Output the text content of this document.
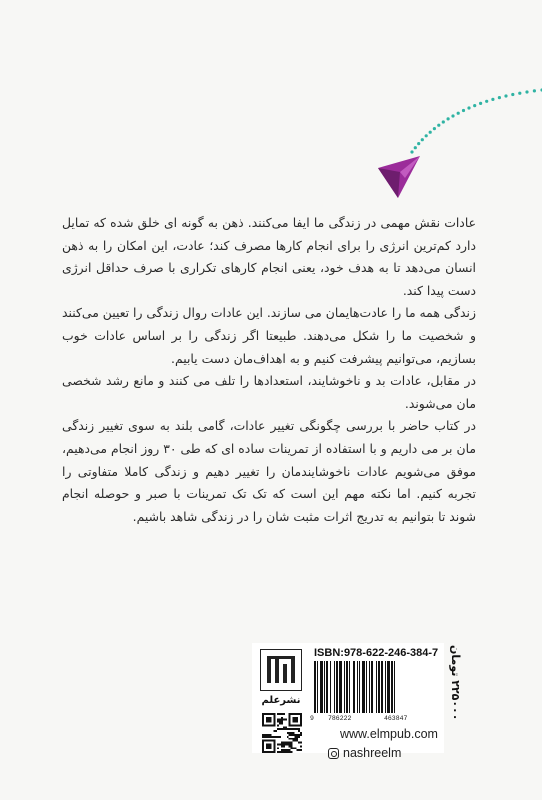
عادات نقش مهمی در زندگی ما ایفا می‌کنند. ذهن به گونه ای خلق شده که تمایل دارد کم‌ترین انرژی را برای انجام کارها مصرف کند؛ عادت، این امکان را به ذهن انسان می‌دهد تا به هدف خود، یعنی انجام کارهای تکراری با صرف حداقل انرژی دست پیدا کند.

زندگی همه ما را عادت‌هایمان می سازند. این عادات روال زندگی را تعیین می‌کنند و شخصیت ما را شکل می‌دهند. طبیعتا اگر زندگی را بر اساس عادات خوب بسازیم، می‌توانیم پیشرفت کنیم و به اهداف‌مان دست یابیم.

در مقابل، عادات بد و ناخوشایند، استعدادها را تلف می کنند و مانع رشد شخصی مان می‌شوند.

در کتاب حاضر با بررسی چگونگی تغییر عادات، گامی بلند به سوی تغییر زندگی مان بر می داریم و با استفاده از تمرینات ساده ای که طی ۳۰ روز انجام می‌دهیم، موفق می‌شویم عادات ناخوشایندمان را تغییر دهیم و زندگی کاملا متفاوتی را تجربه کنیم. اما نکته مهم این است که تک تک تمرینات با صبر و حوصله انجام شوند تا بتوانیم به تدریج اثرات مثبت شان را در زندگی شاهد باشیم.

نشرعلم
ISBN:978-622-246-384-7
9 786222	463847
۲۲۵۰۰۰ تومان
www.elmpub.com
nashreelm
